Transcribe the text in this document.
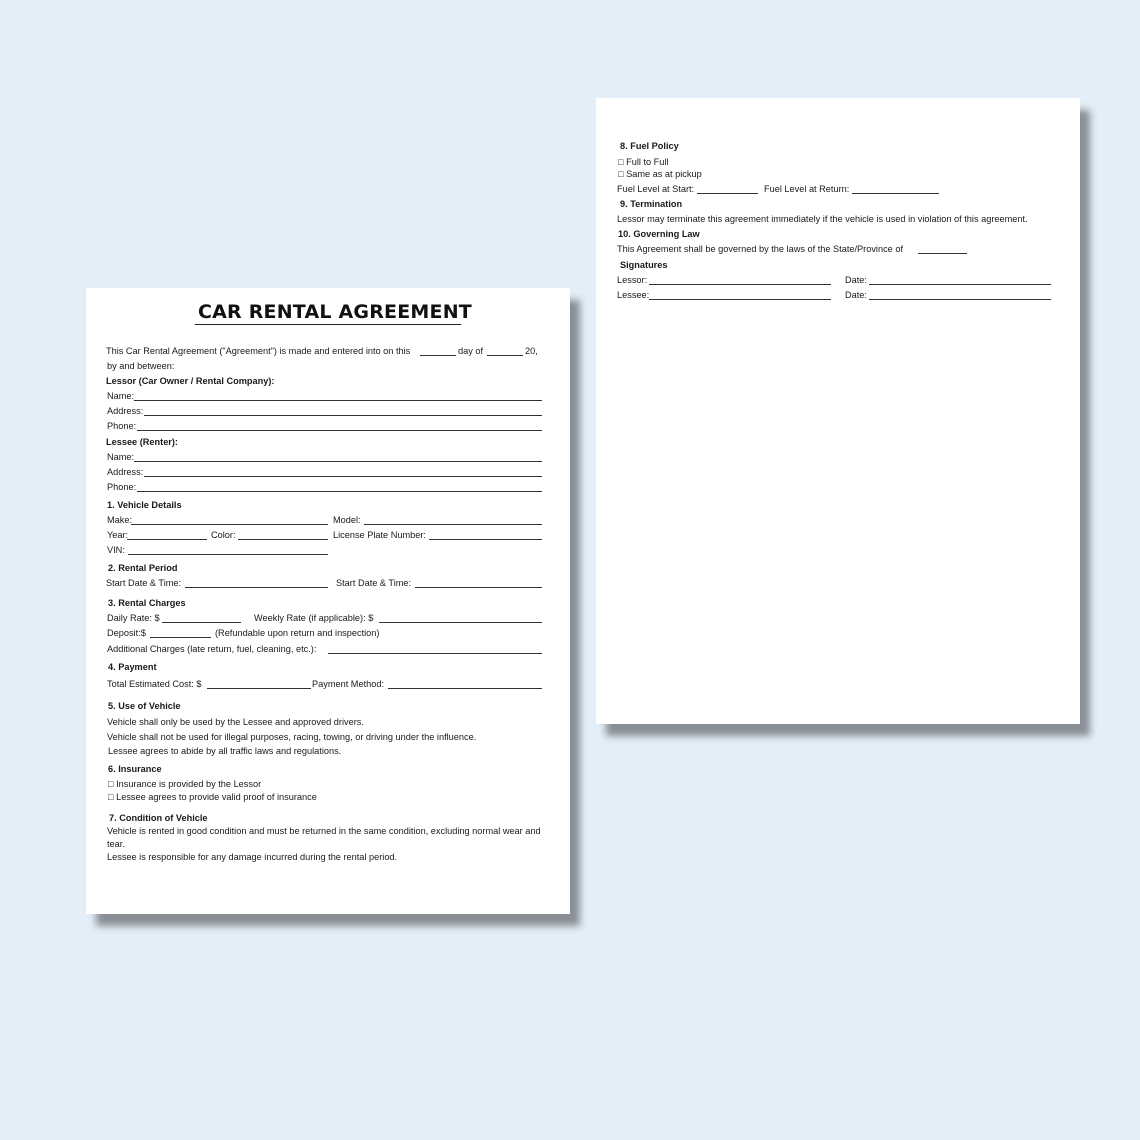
CAR RENTAL AGREEMENT
This Car Rental Agreement ("Agreement") is made and entered into on this	day of	20,
by and between:
Lessor (Car Owner / Rental Company):
Name:
Address:
Phone:
Lessee (Renter):
Name:
Address:
Phone:
1. Vehicle Details
Make:	Model:
Year:	Color:	License Plate Number:
VIN:
2. Rental Period
Start Date & Time:	Start Date & Time:
3. Rental Charges
Daily Rate: $	Weekly Rate (if applicable): $
Deposit:$	(Refundable upon return and inspection)
Additional Charges (late return, fuel, cleaning, etc.):
4. Payment
Total Estimated Cost: $	Payment Method:
5. Use of Vehicle
Vehicle shall only be used by the Lessee and approved drivers.
Vehicle shall not be used for illegal purposes, racing, towing, or driving under the influence.
Lessee agrees to abide by all traffic laws and regulations.
6. Insurance
□ Insurance is provided by the Lessor
□ Lessee agrees to provide valid proof of insurance
7. Condition of Vehicle
Vehicle is rented in good condition and must be returned in the same condition, excluding normal wear and tear.
Lessee is responsible for any damage incurred during the rental period.
8. Fuel Policy
□ Full to Full
□ Same as at pickup
Fuel Level at Start:	Fuel Level at Return:
9. Termination
Lessor may terminate this agreement immediately if the vehicle is used in violation of this agreement.
10. Governing Law
This Agreement shall be governed by the laws of the State/Province of
Signatures
Lessor:	Date:
Lessee:	Date:
